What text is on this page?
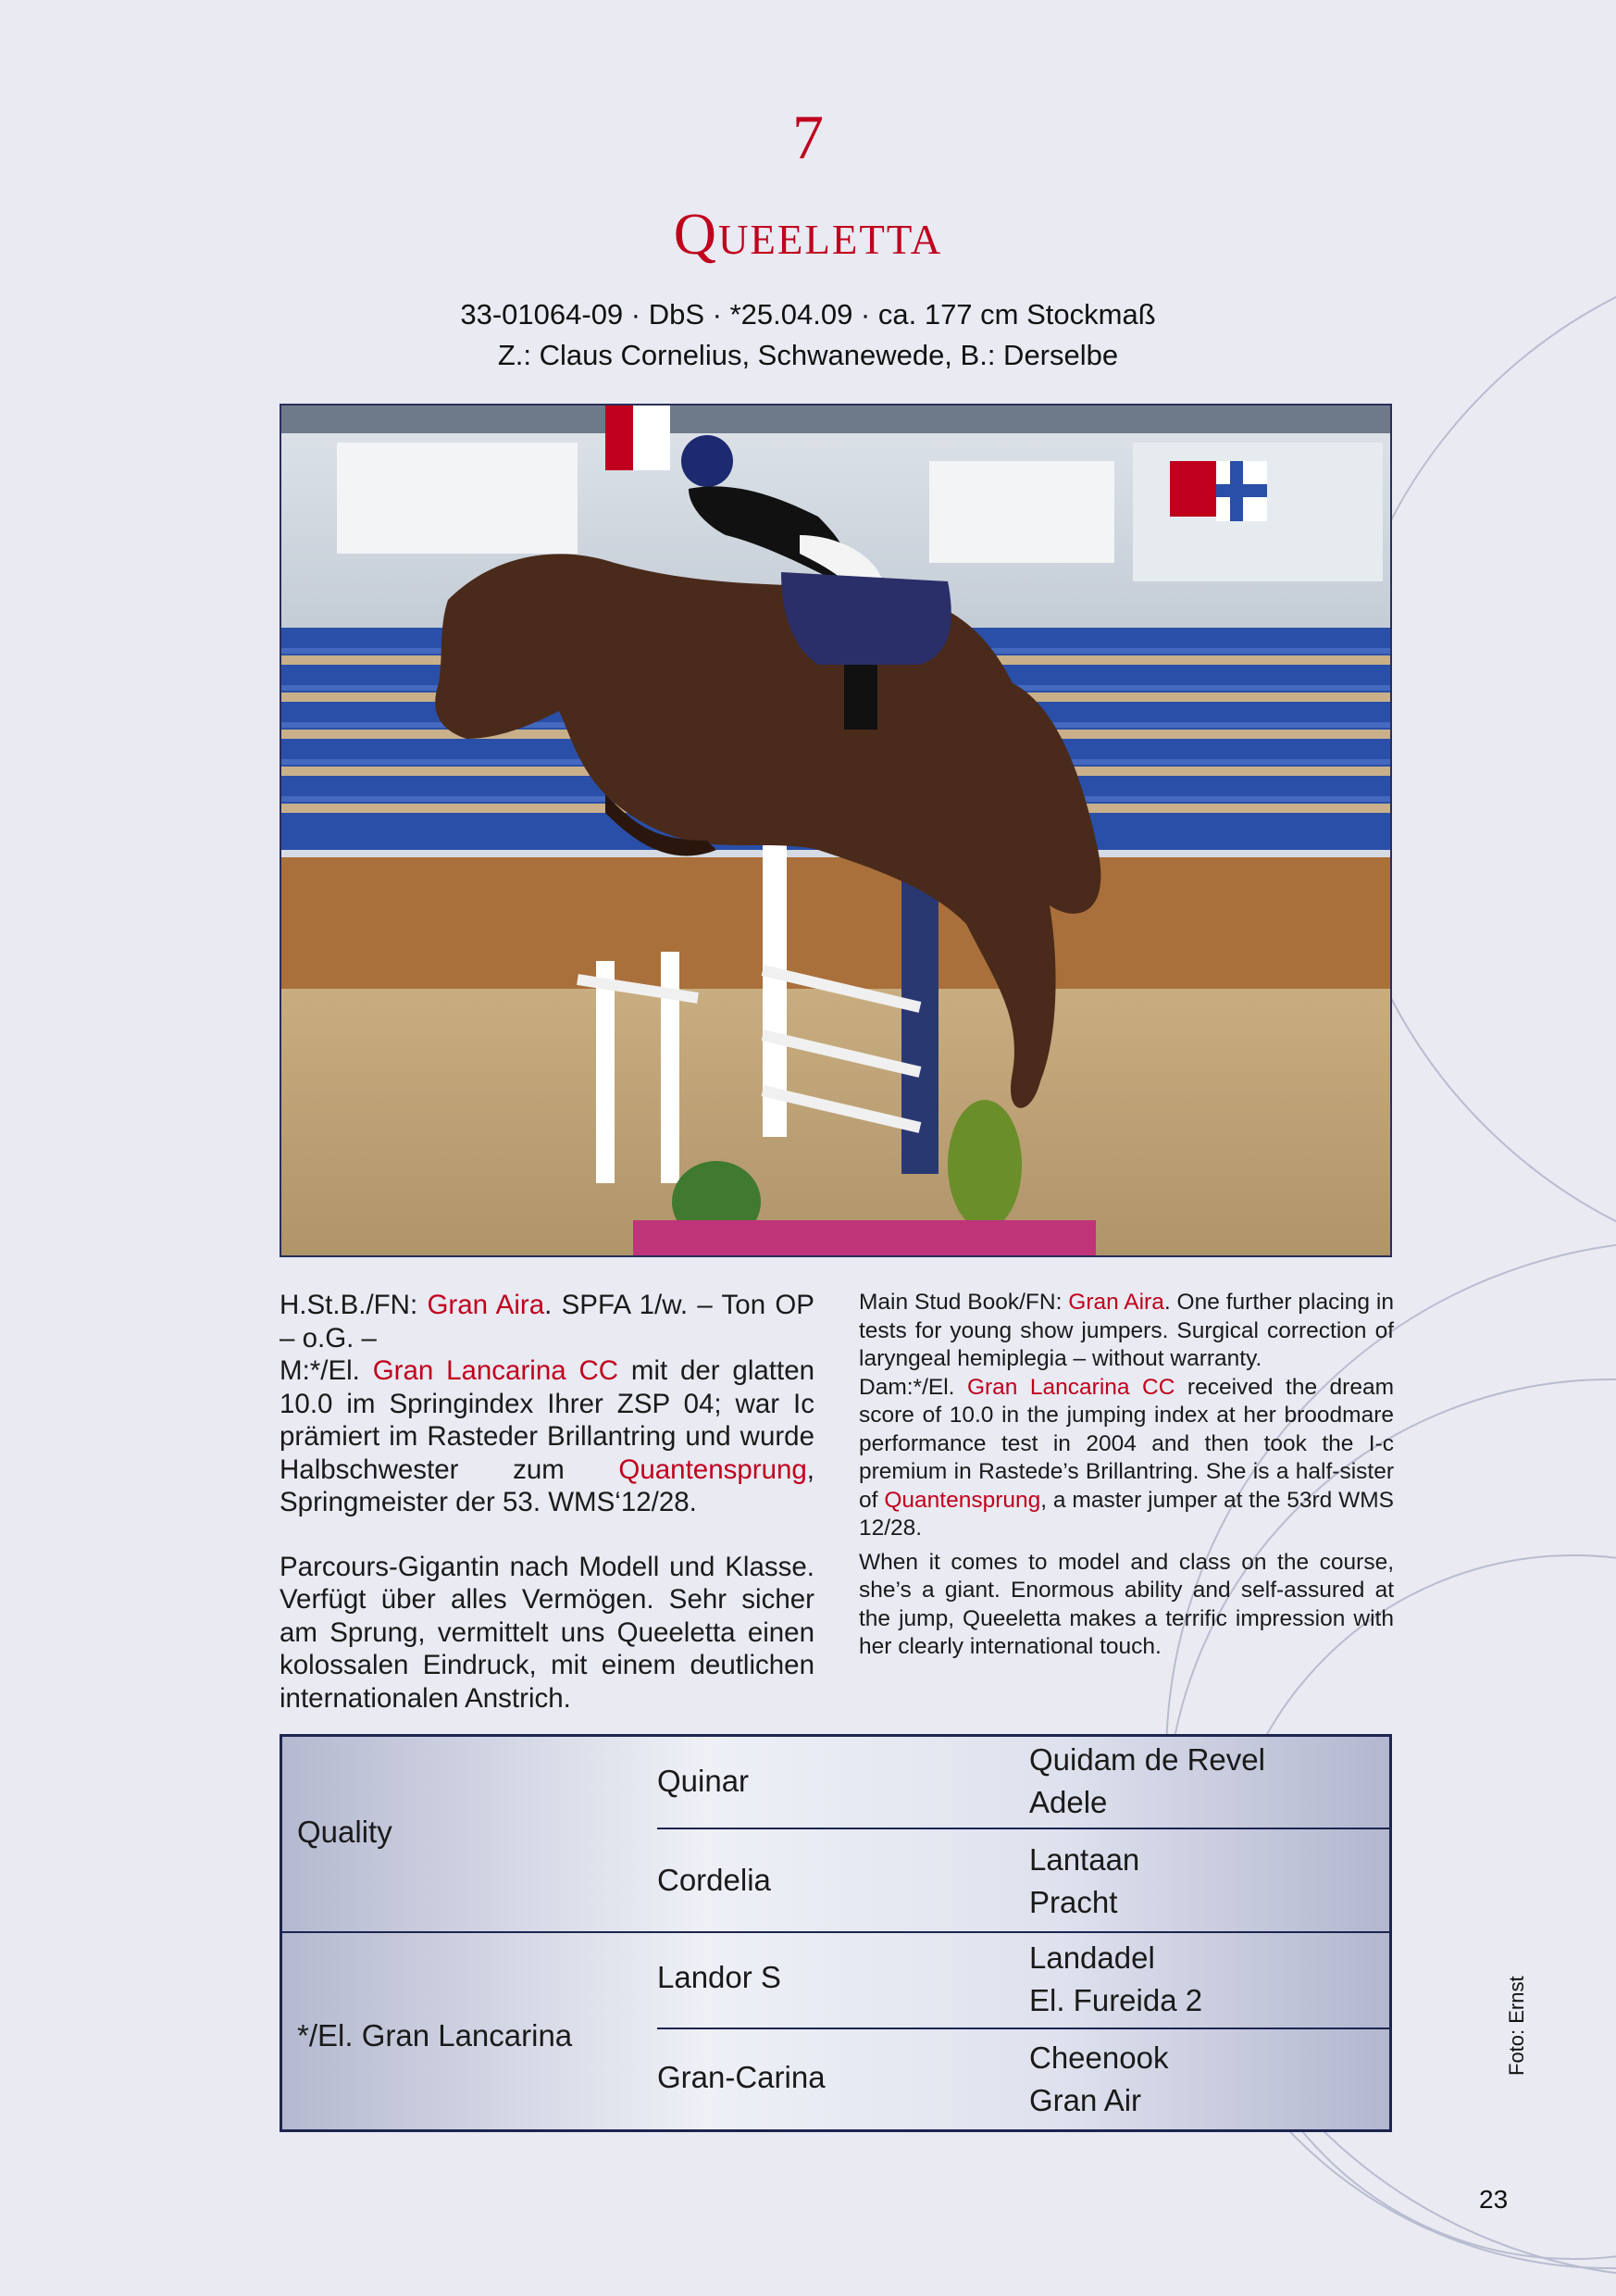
7
Queeletta
33-01064-09 · DbS · *25.04.09 · ca. 177 cm Stockmaß
Z.: Claus Cornelius, Schwanewede, B.: Derselbe

H.St.B./FN: Gran Aira. SPFA 1/w. – Ton OP – o.G. –

M:*/El. Gran Lancarina CC mit der glatten 10.0 im Springindex Ihrer ZSP 04; war Ic prämiert im Rasteder Brillantring und wurde Halbschwester zum Quantensprung, Springmeister der 53. WMS‘12/28.

Parcours-Gigantin nach Modell und Klasse. Verfügt über alles Vermögen. Sehr sicher am Sprung, vermittelt uns Queeletta einen kolossalen Eindruck, mit einem deutlichen internationalen Anstrich.

Main Stud Book/FN: Gran Aira. One further placing in tests for young show jumpers. Surgical correction of laryngeal hemiplegia – without warranty.

Dam:*/El. Gran Lancarina CC received the dream score of 10.0 in the jumping index at her broodmare performance test in 2004 and then took the I-c premium in Rastede’s Brillantring. She is a half-sister of Quantensprung, a master jumper at the 53rd WMS 12/28.

When it comes to model and class on the course, she’s a giant. Enormous ability and self-assured at the jump, Queeletta makes a terrific impression with her clearly international touch.

Quality
*/El. Gran Lancarina
Quinar
Cordelia
Landor S
Gran-Carina
Quidam de Revel
Adele
Lantaan
Pracht
Landadel
El. Fureida 2
Cheenook
Gran Air
Foto: Ernst
23
